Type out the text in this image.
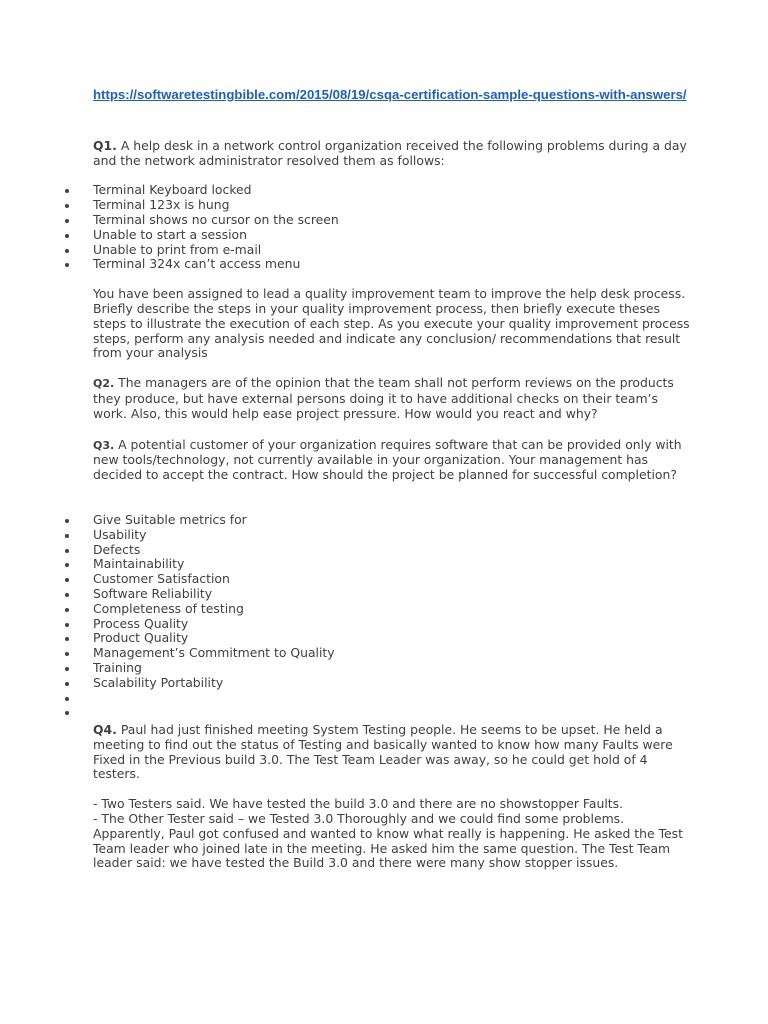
https://softwaretestingbible.com/2015/08/19/csqa-certification-sample-questions-with-answers/

Q1. A help desk in a network control organization received the following problems during a day and the network administrator resolved them as follows:

Terminal Keyboard locked
Terminal 123x is hung
Terminal shows no cursor on the screen
Unable to start a session
Unable to print from e-mail
Terminal 324x can’t access menu

You have been assigned to lead a quality improvement team to improve the help desk process. Briefly describe the steps in your quality improvement process, then briefly execute theses steps to illustrate the execution of each step. As you execute your quality improvement process steps, perform any analysis needed and indicate any conclusion/ recommendations that result from your analysis

Q2. The managers are of the opinion that the team shall not perform reviews on the products they produce, but have external persons doing it to have additional checks on their team’s work. Also, this would help ease project pressure. How would you react and why?

Q3. A potential customer of your organization requires software that can be provided only with new tools/technology, not currently available in your organization. Your management has decided to accept the contract. How should the project be planned for successful completion?

Give Suitable metrics for
Usability
Defects
Maintainability
Customer Satisfaction
Software Reliability
Completeness of testing
Process Quality
Product Quality
Management’s Commitment to Quality
Training
Scalability Portability

Q4. Paul had just finished meeting System Testing people. He seems to be upset. He held a meeting to find out the status of Testing and basically wanted to know how many Faults were Fixed in the Previous build 3.0. The Test Team Leader was away, so he could get hold of 4 testers.

- Two Testers said. We have tested the build 3.0 and there are no showstopper Faults.

- The Other Tester said – we Tested 3.0 Thoroughly and we could find some problems. Apparently, Paul got confused and wanted to know what really is happening. He asked the Test Team leader who joined late in the meeting. He asked him the same question. The Test Team leader said: we have tested the Build 3.0 and there were many show stopper issues.
